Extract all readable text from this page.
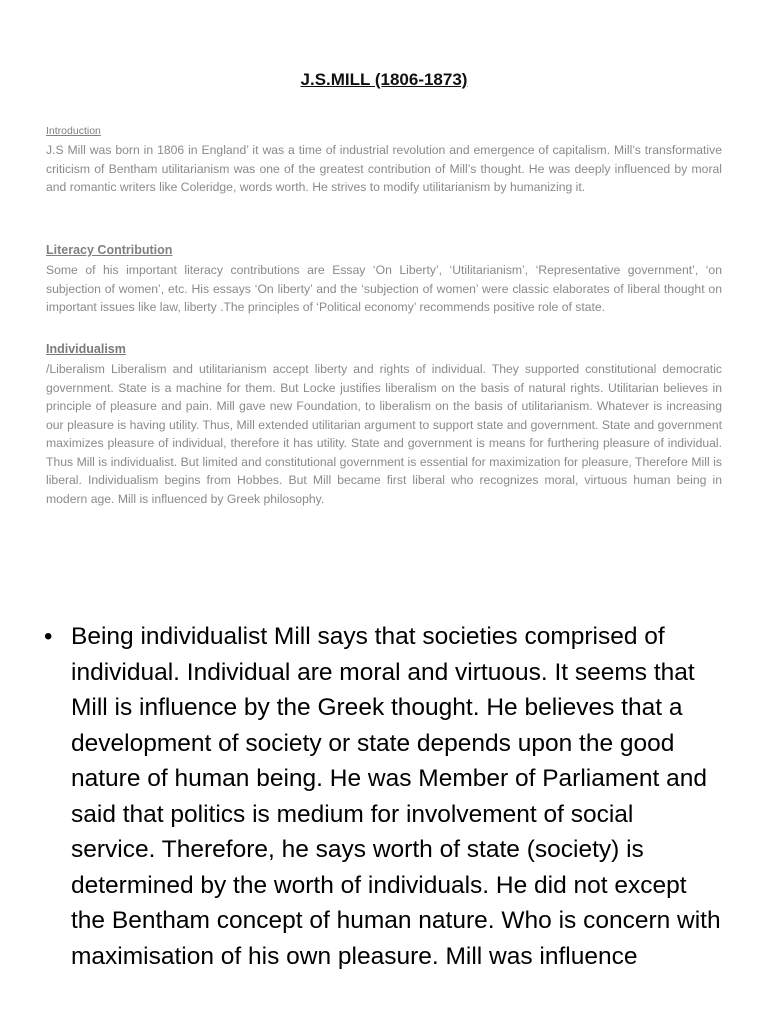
J.S.MILL (1806-1873)
Introduction

J.S Mill was born in 1806 in England’ it was a time of industrial revolution and emergence of capitalism. Mill’s transformative criticism of Bentham utilitarianism was one of the greatest contribution of Mill’s thought. He was deeply influenced by moral and romantic writers like Coleridge, words worth. He strives to modify utilitarianism by humanizing it.

Literacy Contribution

Some of his important literacy contributions are Essay ‘On Liberty’, ‘Utilitarianism’, ‘Representative government’, ‘on subjection of women’, etc. His essays ‘On liberty’ and the ‘subjection of women’ were classic elaborates of liberal thought on important issues like law, liberty .The principles of ‘Political economy’ recommends positive role of state.

Individualism

/Liberalism Liberalism and utilitarianism accept liberty and rights of individual. They supported constitutional democratic government. State is a machine for them. But Locke justifies liberalism on the basis of natural rights. Utilitarian believes in principle of pleasure and pain. Mill gave new Foundation, to liberalism on the basis of utilitarianism. Whatever is increasing our pleasure is having utility. Thus, Mill extended utilitarian argument to support state and government. State and government maximizes pleasure of individual, therefore it has utility. State and government is means for furthering pleasure of individual. Thus Mill is individualist. But limited and constitutional government is essential for maximization for pleasure, Therefore Mill is liberal. Individualism begins from Hobbes. But Mill became first liberal who recognizes moral, virtuous human being in modern age. Mill is influenced by Greek philosophy.

• Being individualist Mill says that societies comprised of individual. Individual are moral and virtuous. It seems that Mill is influence by the Greek thought. He believes that a development of society or state depends upon the good nature of human being. He was Member of Parliament and said that politics is medium for involvement of social service. Therefore, he says worth of state (society) is determined by the worth of individuals. He did not except the Bentham concept of human nature. Who is concern with maximisation of his own pleasure. Mill was influence
